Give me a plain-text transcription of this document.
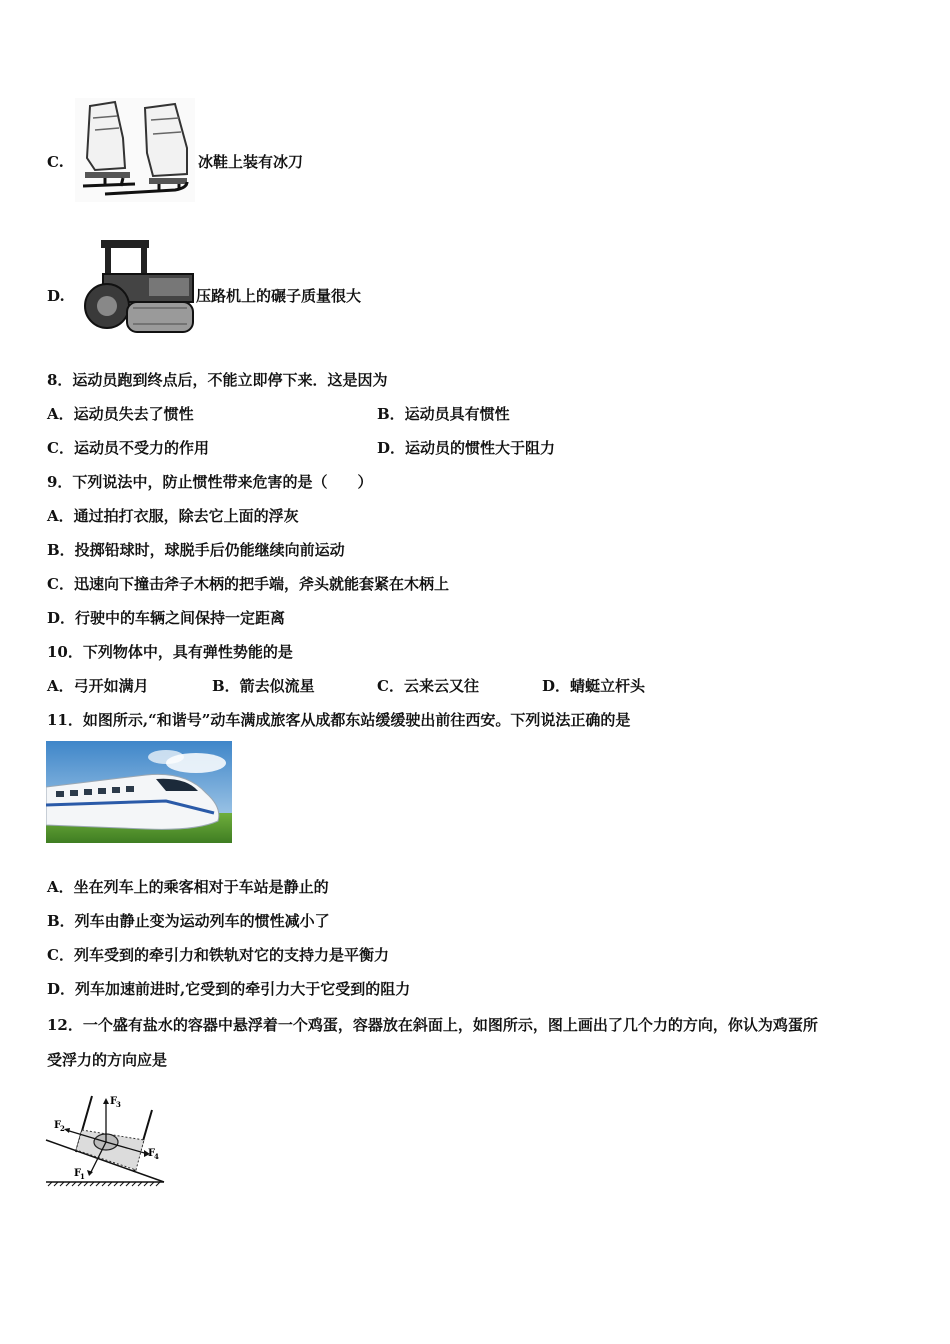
C.	冰鞋上装有冰刀
D.	压路机上的碾子质量很大
8．运动员跑到终点后，不能立即停下来．这是因为
A．运动员失去了惯性	B．运动员具有惯性
C．运动员不受力的作用	D．运动员的惯性大于阻力
9．下列说法中，防止惯性带来危害的是（　　）
A．通过拍打衣服，除去它上面的浮灰
B．投掷铅球时，球脱手后仍能继续向前运动
C．迅速向下撞击斧子木柄的把手端，斧头就能套紧在木柄上
D．行驶中的车辆之间保持一定距离
10．下列物体中，具有弹性势能的是
A．弓开如满月	B．箭去似流星	C．云来云又往	D．蜻蜓立杆头
11．如图所示,“和谐号”动车满成旅客从成都东站缓缓驶出前往西安。下列说法正确的是
A．坐在列车上的乘客相对于车站是静止的
B．列车由静止变为运动列车的惯性减小了
C．列车受到的牵引力和铁轨对它的支持力是平衡力
D．列车加速前进时,它受到的牵引力大于它受到的阻力
12．一个盛有盐水的容器中悬浮着一个鸡蛋，容器放在斜面上，如图所示，图上画出了几个力的方向，你认为鸡蛋所
受浮力的方向应是
F
3
F
2
F
1
F
4
